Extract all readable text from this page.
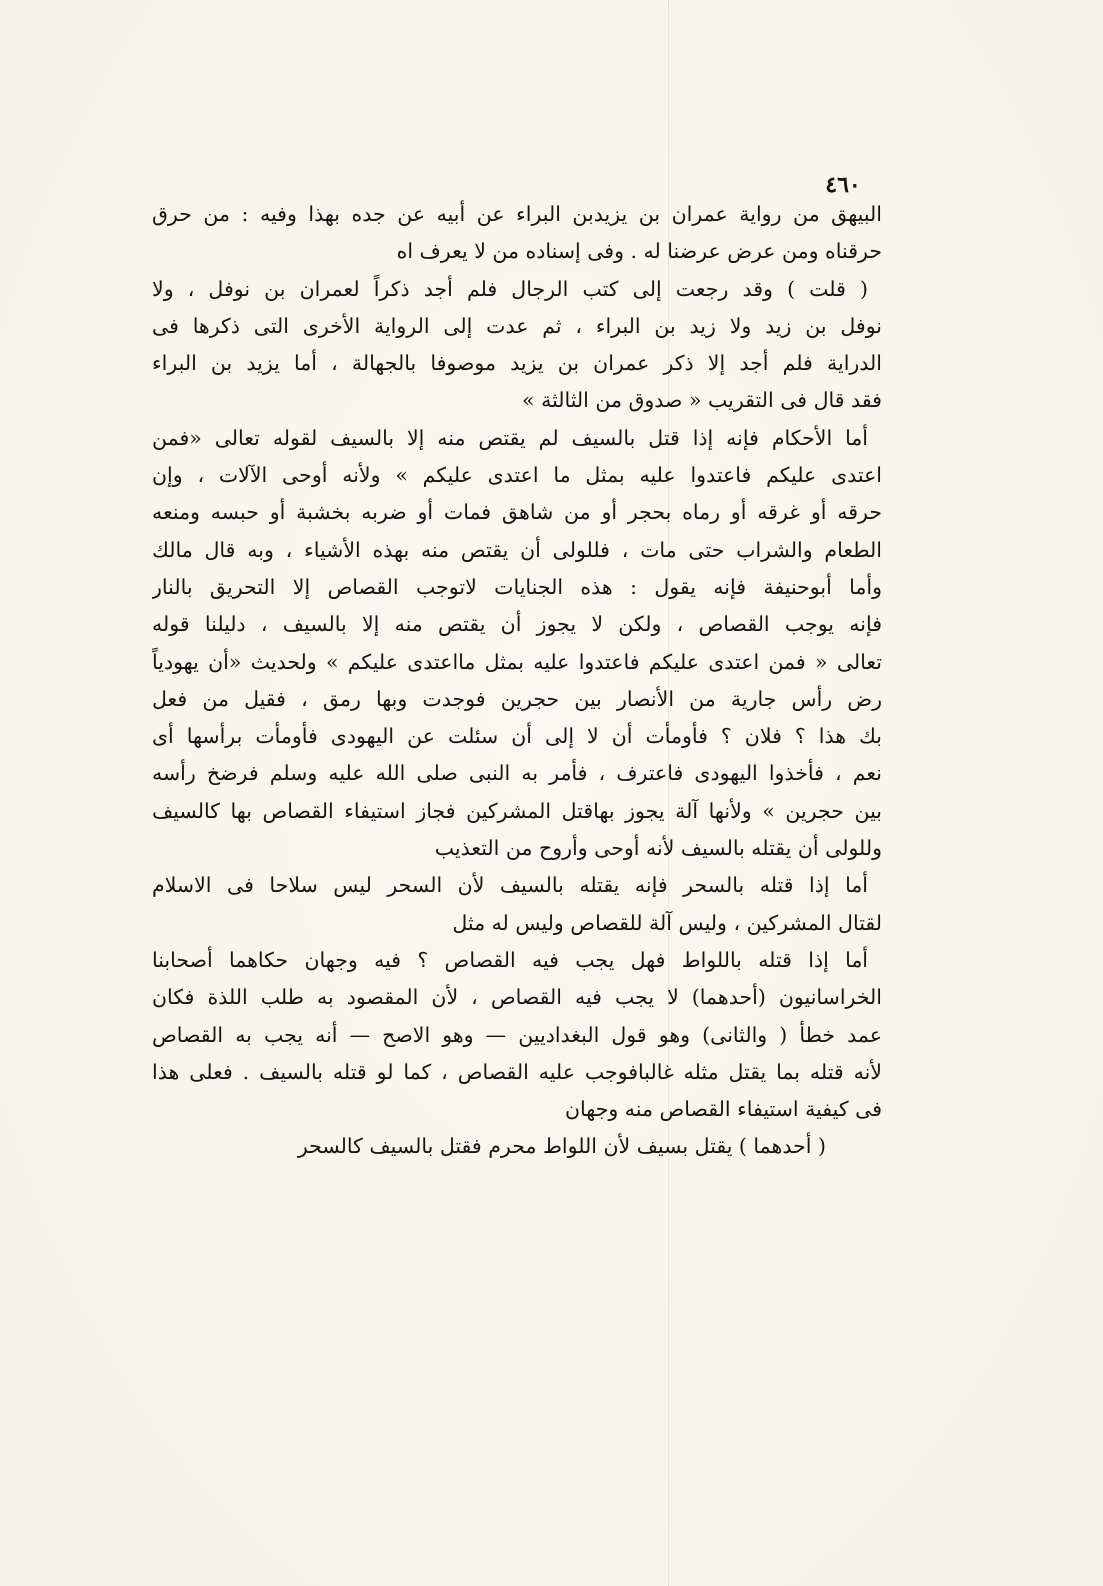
٤٦٠
البيهق من رواية عمران بن يزيدبن البراء عن أبيه عن جده بهذا وفيه : من حرق
حرقناه ومن عرض عرضنا له . وفى إسناده من لا يعرف اه
( قلت ) وقد رجعت إلى كتب الرجال فلم أجد ذكراً لعمران بن نوفل ، ولا
نوفل بن زيد ولا زيد بن البراء ، ثم عدت إلى الرواية الأخرى التى ذكرها فى
الدراية فلم أجد إلا ذكر عمران بن يزيد موصوفا بالجهالة ، أما يزيد بن البراء
فقد قال فى التقريب « صدوق من الثالثة »
أما الأحكام فإنه إذا قتل بالسيف لم يقتص منه إلا بالسيف لقوله تعالى «فمن
اعتدى عليكم فاعتدوا عليه بمثل ما اعتدى عليكم » ولأنه أوحى الآلات ، وإن
حرقه أو غرقه أو رماه بحجر أو من شاهق فمات أو ضربه بخشبة أو حبسه ومنعه
الطعام والشراب حتى مات ، فللولى أن يقتص منه بهذه الأشياء ، وبه قال مالك
وأما أبوحنيفة فإنه يقول : هذه الجنايات لاتوجب القصاص إلا التحريق بالنار
فإنه يوجب القصاص ، ولكن لا يجوز أن يقتص منه إلا بالسيف ، دليلنا قوله
تعالى « فمن اعتدى عليكم فاعتدوا عليه بمثل مااعتدى عليكم » ولحديث «أن يهودياً
رض رأس جارية من الأنصار بين حجرين فوجدت وبها رمق ، فقيل من فعل
بك هذا ؟ فلان ؟ فأومأت أن لا إلى أن سئلت عن اليهودى فأومأت برأسها أى
نعم ، فأخذوا اليهودى فاعترف ، فأمر به النبى صلى الله عليه وسلم فرضخ رأسه
بين حجرين » ولأنها آلة يجوز بهاقتل المشركين فجاز استيفاء القصاص بها كالسيف
وللولى أن يقتله بالسيف لأنه أوحى وأروح من التعذيب
أما إذا قتله بالسحر فإنه يقتله بالسيف لأن السحر ليس سلاحا فى الاسلام
لقتال المشركين ، وليس آلة للقصاص وليس له مثل
أما إذا قتله باللواط فهل يجب فيه القصاص ؟ فيه وجهان حكاهما أصحابنا
الخراسانيون (أحدهما) لا يجب فيه القصاص ، لأن المقصود به طلب اللذة فكان
عمد خطأ ( والثانى) وهو قول البغداديين — وهو الاصح — أنه يجب به القصاص
لأنه قتله بما يقتل مثله غالبافوجب عليه القصاص ، كما لو قتله بالسيف . فعلى هذا
فى كيفية استيفاء القصاص منه وجهان
( أحدهما ) يقتل بسيف لأن اللواط محرم فقتل بالسيف كالسحر
